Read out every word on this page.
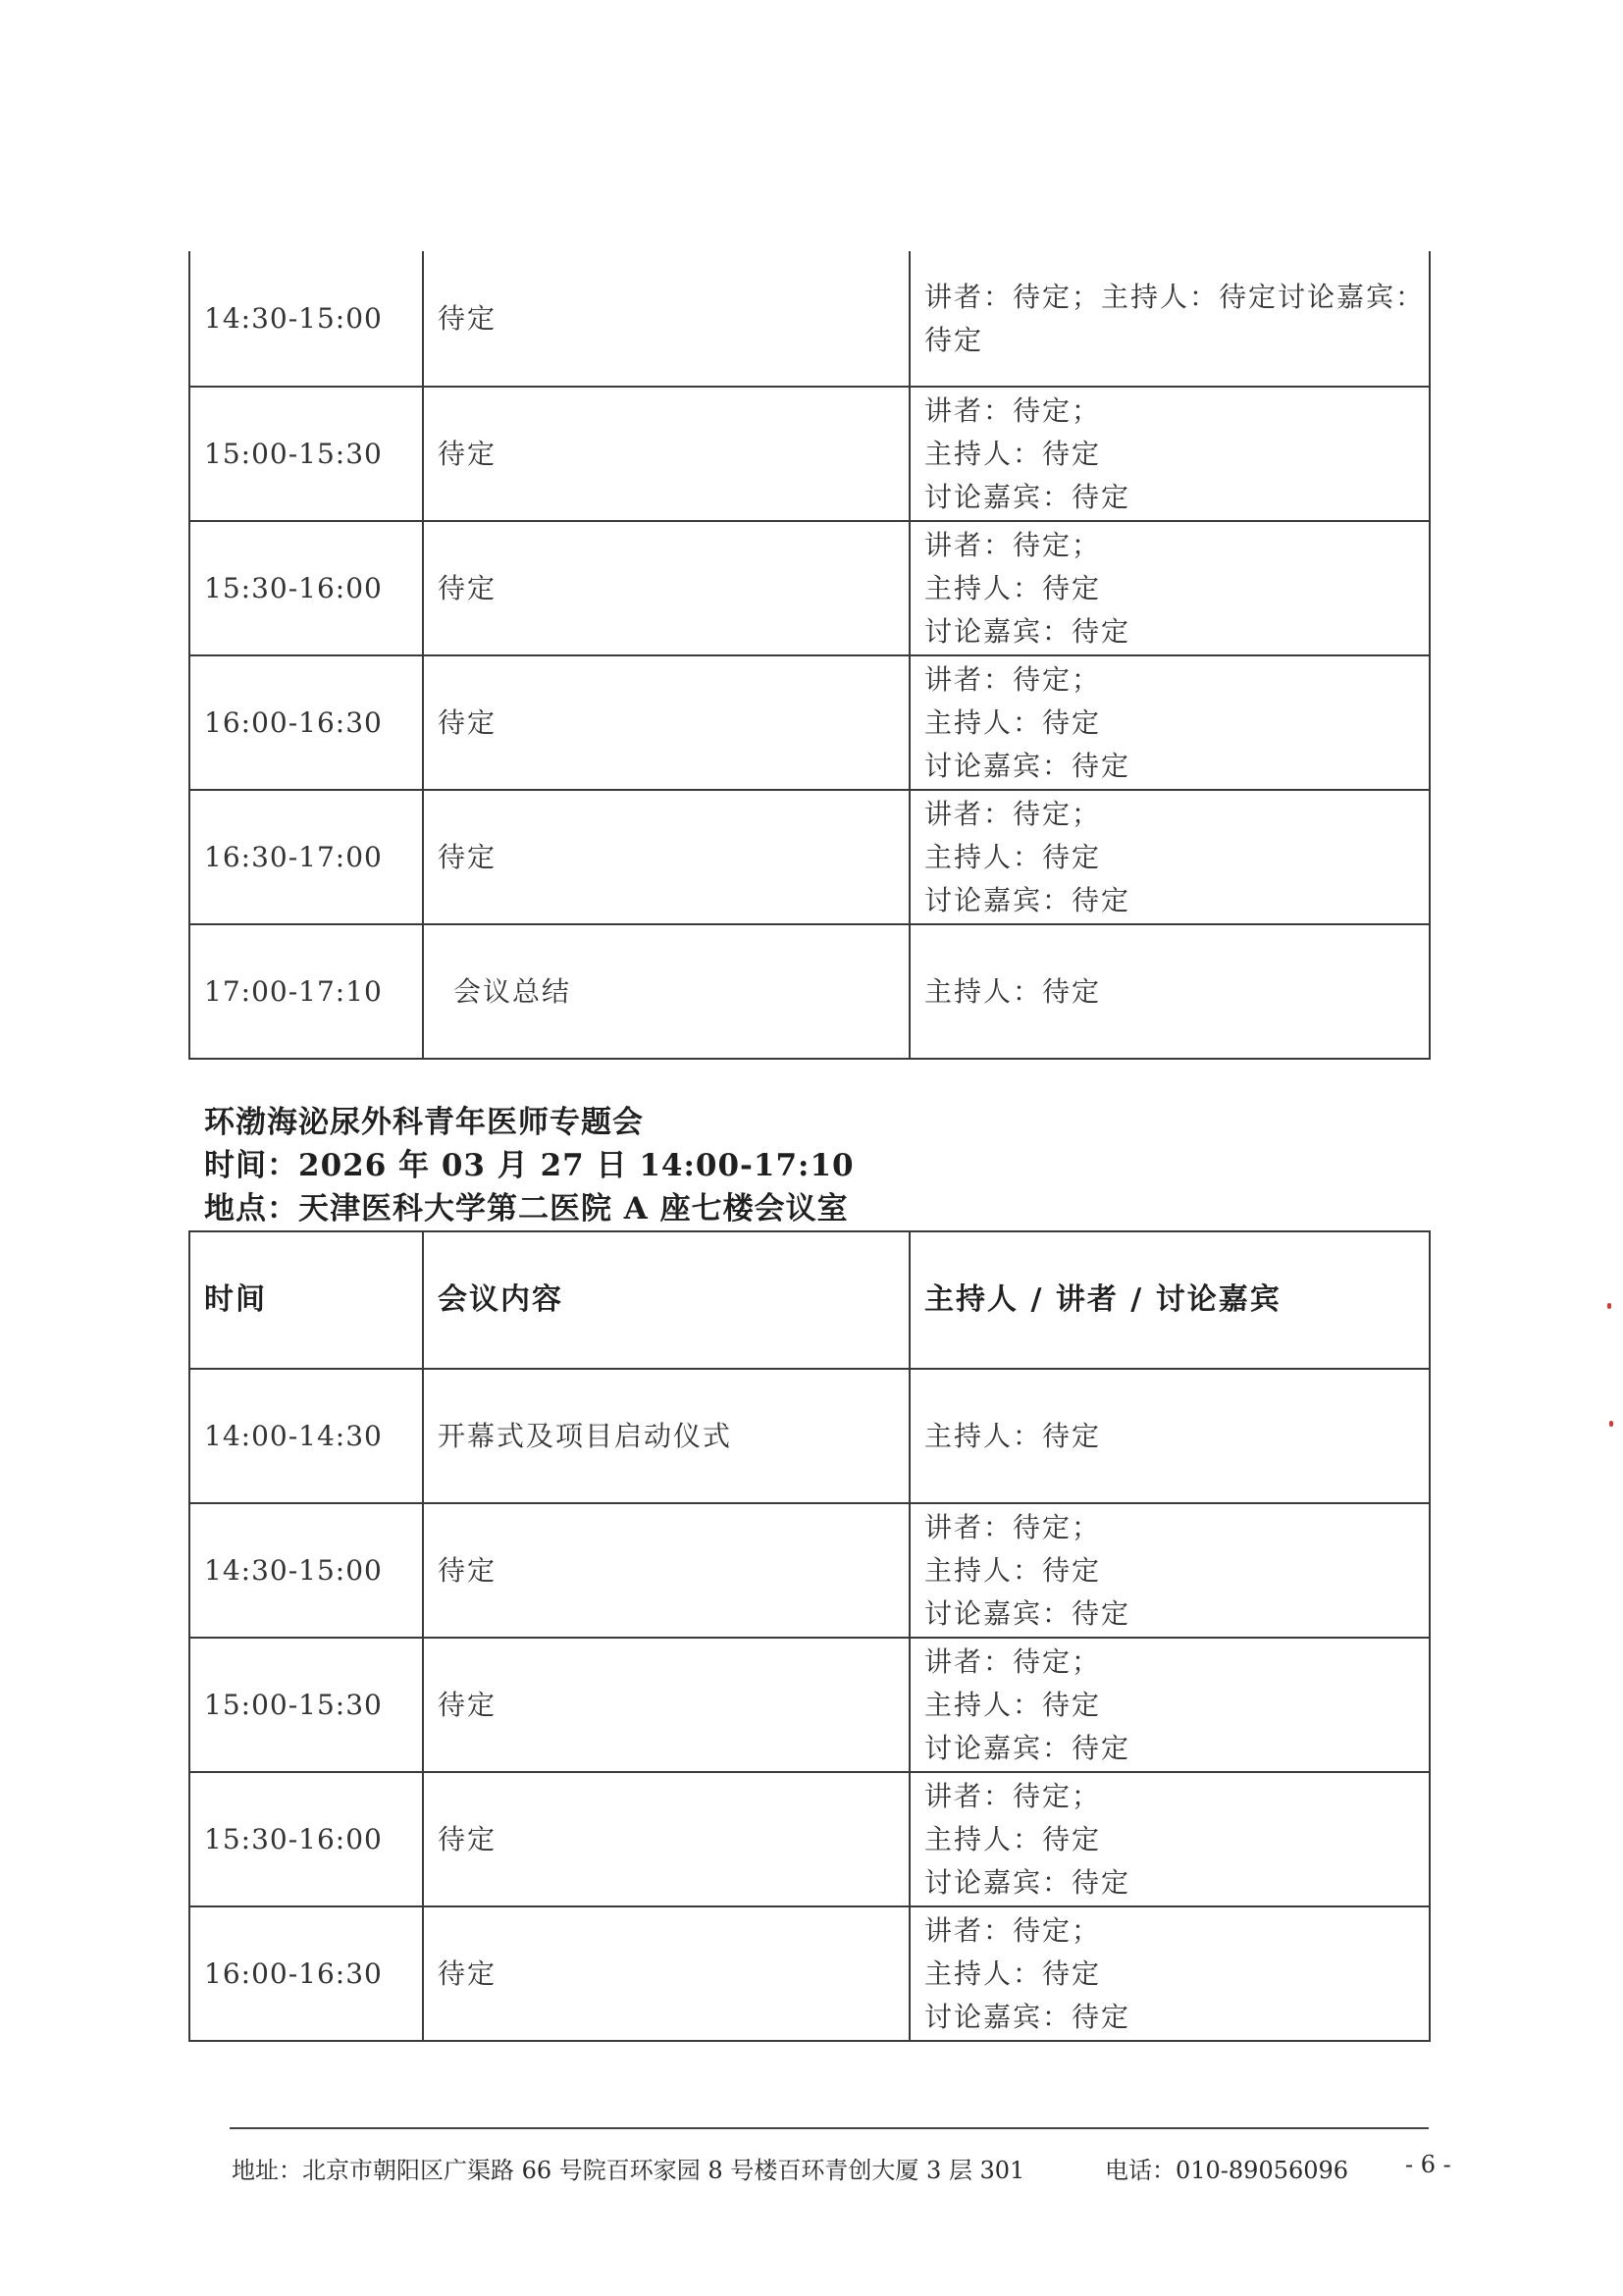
14:30-15:00	待定	讲者：待定；主持人：待定讨论嘉宾：
待定

15:00-15:30	待定	讲者：待定；
主持人：待定
讨论嘉宾：待定

15:30-16:00	待定	讲者：待定；
主持人：待定
讨论嘉宾：待定

16:00-16:30	待定	讲者：待定；
主持人：待定
讨论嘉宾：待定

16:30-17:00	待定	讲者：待定；
主持人：待定
讨论嘉宾：待定

17:00-17:10	会议总结	主持人：待定
环渤海泌尿外科青年医师专题会
时间：2026 年 03 月 27 日 14:00-17:10
地点：天津医科大学第二医院 A 座七楼会议室
时间	会议内容	主持人 / 讲者 / 讨论嘉宾
14:00-14:30	开幕式及项目启动仪式	主持人：待定

14:30-15:00	待定	讲者：待定；
主持人：待定
讨论嘉宾：待定

15:00-15:30	待定	讲者：待定；
主持人：待定
讨论嘉宾：待定

15:30-16:00	待定	讲者：待定；
主持人：待定
讨论嘉宾：待定

16:00-16:30	待定	讲者：待定；
主持人：待定
讨论嘉宾：待定
地址：北京市朝阳区广渠路 66 号院百环家园 8 号楼百环青创大厦 3 层 301	电话：010-89056096 - 6 -
